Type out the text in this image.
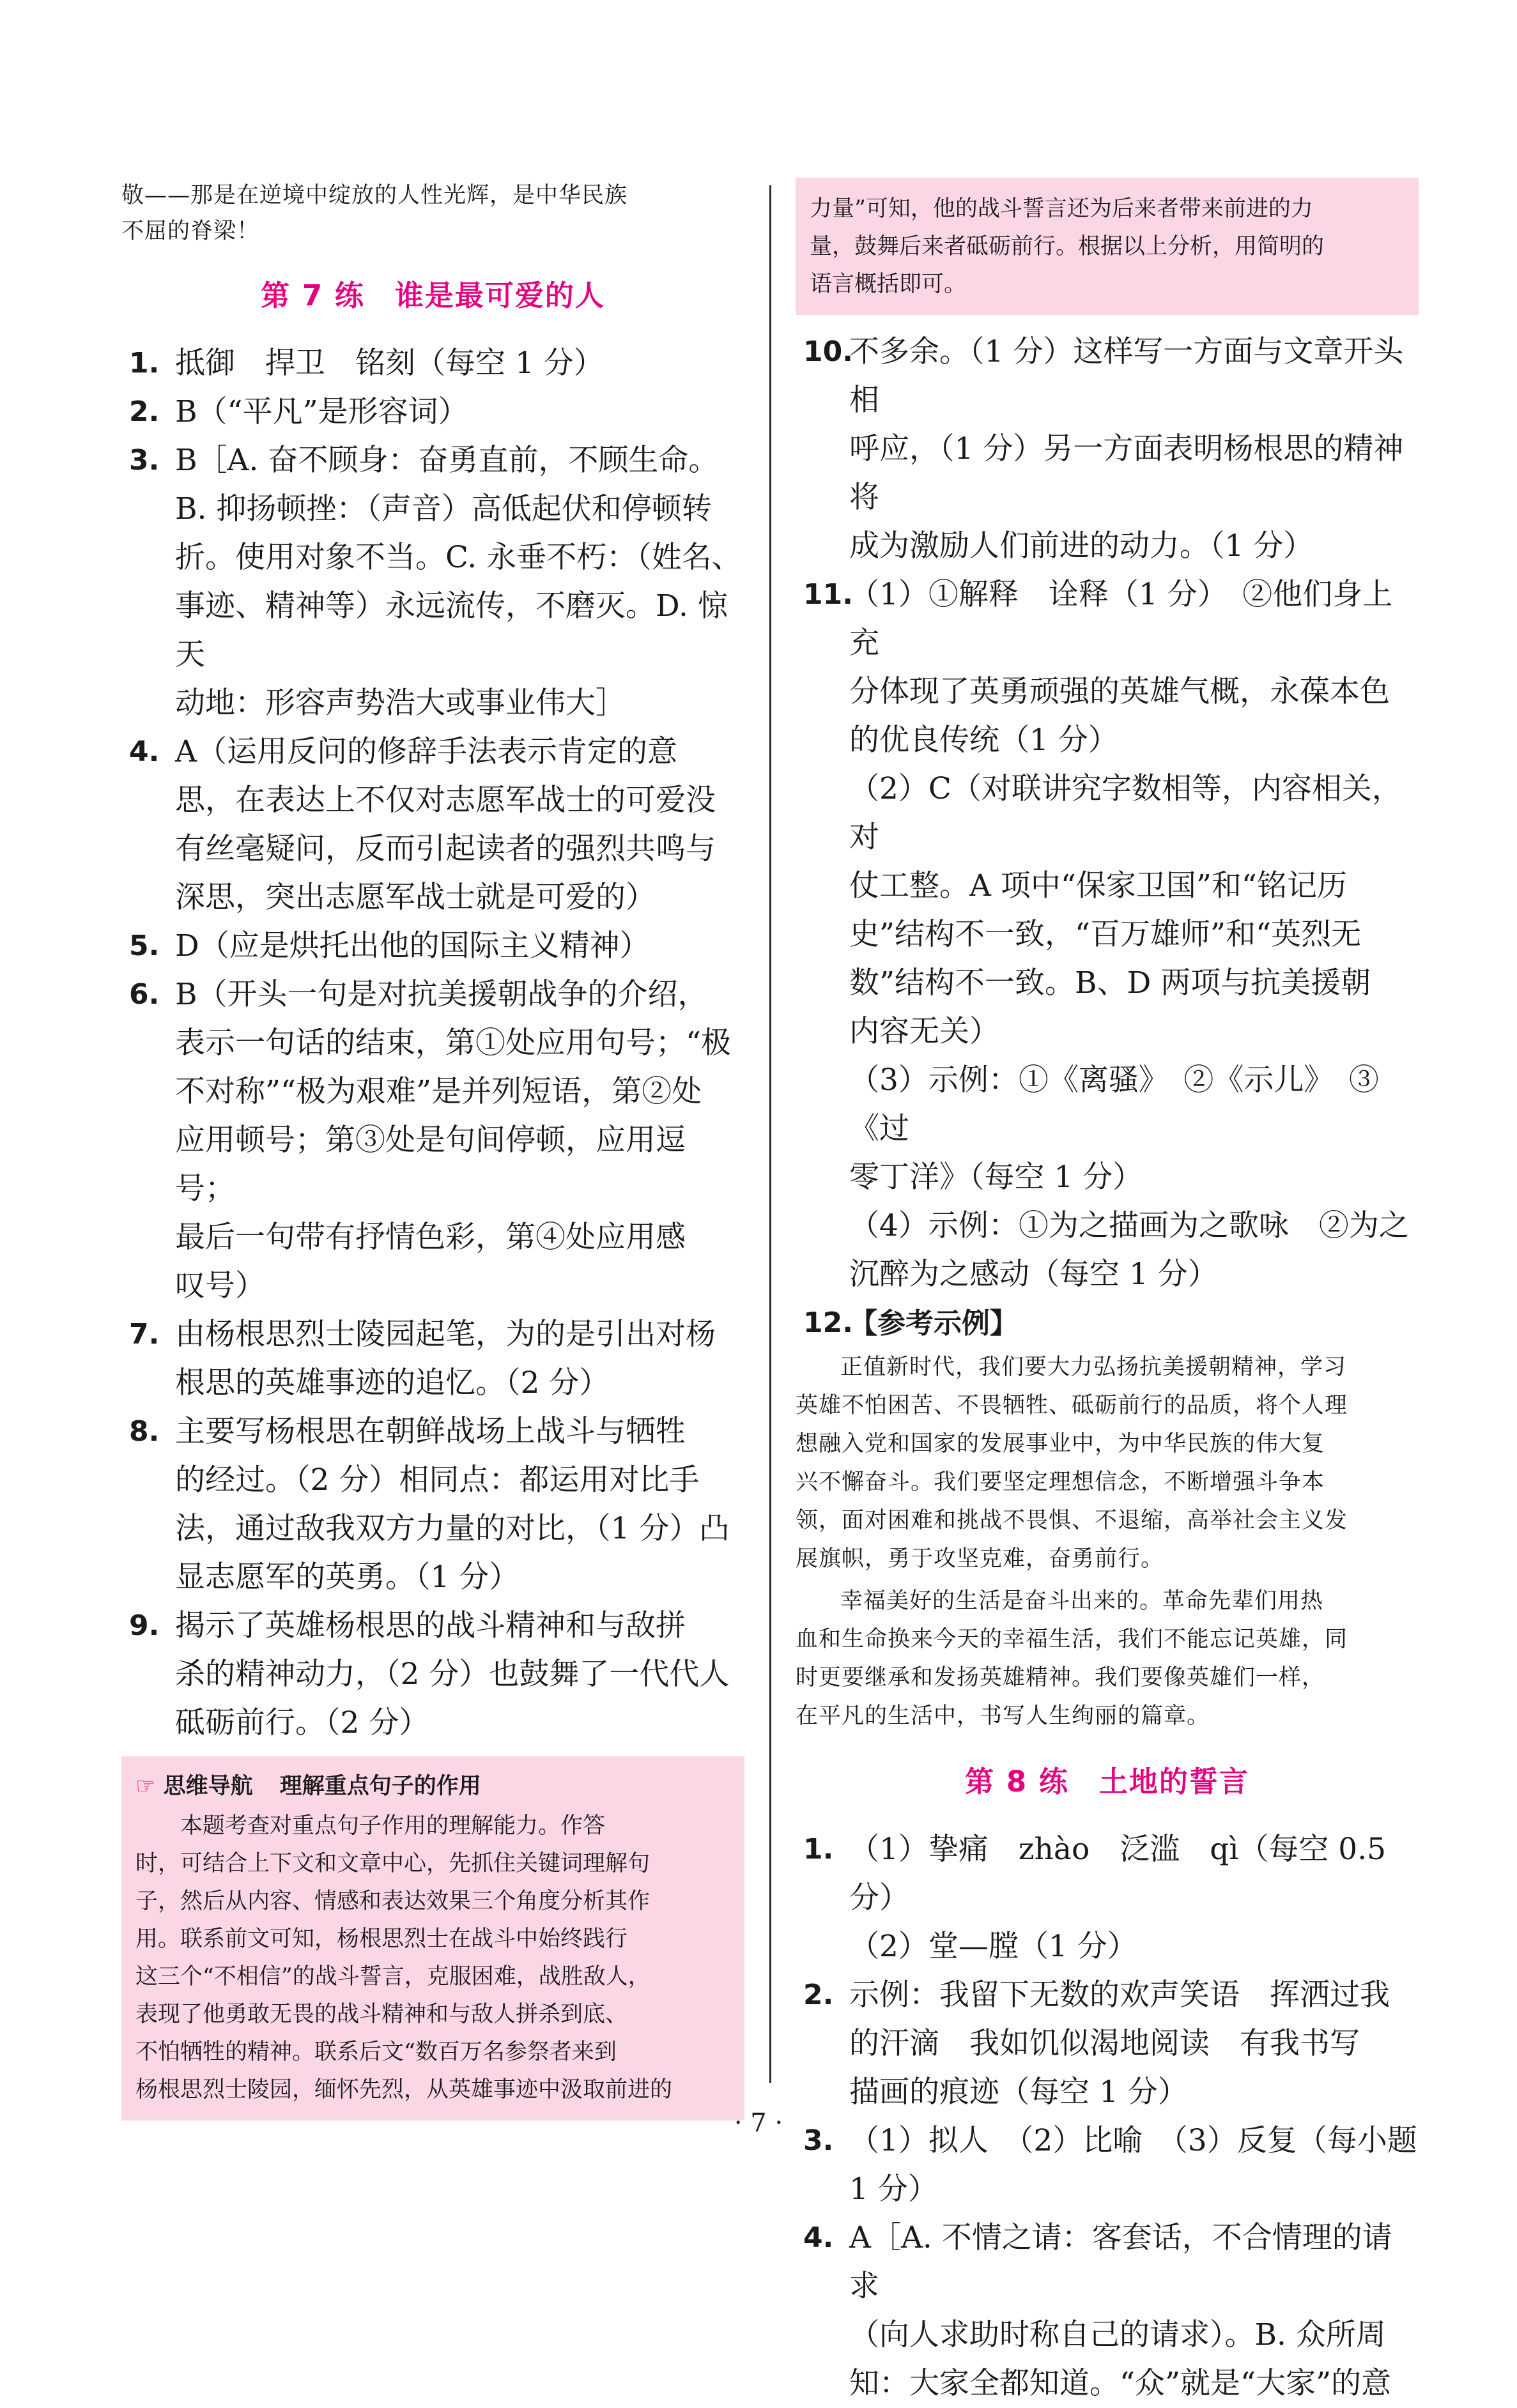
敬——那是在逆境中绽放的人性光辉，是中华民族
不屈的脊梁！
第 7 练　谁是最可爱的人
1. 抵御　捍卫　铭刻（每空 1 分）
2. B（“平凡”是形容词）
3. B［A. 奋不顾身：奋勇直前，不顾生命。
B. 抑扬顿挫：（声音）高低起伏和停顿转
折。使用对象不当。C. 永垂不朽：（姓名、
事迹、精神等）永远流传，不磨灭。D. 惊天
动地：形容声势浩大或事业伟大］
4. A（运用反问的修辞手法表示肯定的意
思，在表达上不仅对志愿军战士的可爱没
有丝毫疑问，反而引起读者的强烈共鸣与
深思，突出志愿军战士就是可爱的）
5. D（应是烘托出他的国际主义精神）
6. B（开头一句是对抗美援朝战争的介绍，
表示一句话的结束，第①处应用句号；“极
不对称”“极为艰难”是并列短语，第②处
应用顿号；第③处是句间停顿，应用逗号；
最后一句带有抒情色彩，第④处应用感
叹号）
7. 由杨根思烈士陵园起笔，为的是引出对杨
根思的英雄事迹的追忆。（2 分）
8. 主要写杨根思在朝鲜战场上战斗与牺牲
的经过。（2 分）相同点：都运用对比手
法，通过敌我双方力量的对比，（1 分）凸
显志愿军的英勇。（1 分）
9. 揭示了英雄杨根思的战斗精神和与敌拼
杀的精神动力，（2 分）也鼓舞了一代代人
砥砺前行。（2 分）
☞ 思维导航 理解重点句子的作用

本题考查对重点句子作用的理解能力。作答
时，可结合上下文和文章中心，先抓住关键词理解句
子，然后从内容、情感和表达效果三个角度分析其作
用。联系前文可知，杨根思烈士在战斗中始终践行
这三个“不相信”的战斗誓言，克服困难，战胜敌人，
表现了他勇敢无畏的战斗精神和与敌人拼杀到底、
不怕牺牲的精神。联系后文“数百万名参祭者来到
杨根思烈士陵园，缅怀先烈，从英雄事迹中汲取前进的

力量”可知，他的战斗誓言还为后来者带来前进的力
量，鼓舞后来者砥砺前行。根据以上分析，用简明的
语言概括即可。

10.
不多余。（1 分）这样写一方面与文章开头相
呼应，（1 分）另一方面表明杨根思的精神将
成为激励人们前进的动力。（1 分）
11.
（1）①解释　诠释（1 分）　②他们身上充
分体现了英勇顽强的英雄气概，永葆本色
的优良传统（1 分）
（2）C（对联讲究字数相等，内容相关，对
仗工整。A 项中“保家卫国”和“铭记历
史”结构不一致，“百万雄师”和“英烈无
数”结构不一致。B、D 两项与抗美援朝
内容无关）
（3）示例：①《离骚》　②《示儿》　③《过
零丁洋》（每空 1 分）
（4）示例：①为之描画为之歌咏　②为之
沉醉为之感动（每空 1 分）
12.
【参考示例】

正值新时代，我们要大力弘扬抗美援朝精神，学习
英雄不怕困苦、不畏牺牲、砥砺前行的品质，将个人理
想融入党和国家的发展事业中，为中华民族的伟大复
兴不懈奋斗。我们要坚定理想信念，不断增强斗争本
领，面对困难和挑战不畏惧、不退缩，高举社会主义发
展旗帜，勇于攻坚克难，奋勇前行。

幸福美好的生活是奋斗出来的。革命先辈们用热
血和生命换来今天的幸福生活，我们不能忘记英雄，同
时更要继承和发扬英雄精神。我们要像英雄们一样，
在平凡的生活中，书写人生绚丽的篇章。

第 8 练　土地的誓言
1. （1）挚痛　zhào　泛滥　qì（每空 0.5 分）
（2）堂—膛（1 分）
2. 示例：我留下无数的欢声笑语　挥洒过我
的汗滴　我如饥似渴地阅读　有我书写
描画的痕迹（每空 1 分）
3. （1）拟人　（2）比喻　（3）反复（每小题 1 分）
4. A［A. 不情之请：客套话，不合情理的请求
（向人求助时称自己的请求）。B. 众所周
知：大家全都知道。“众”就是“大家”的意
· 7 ·
